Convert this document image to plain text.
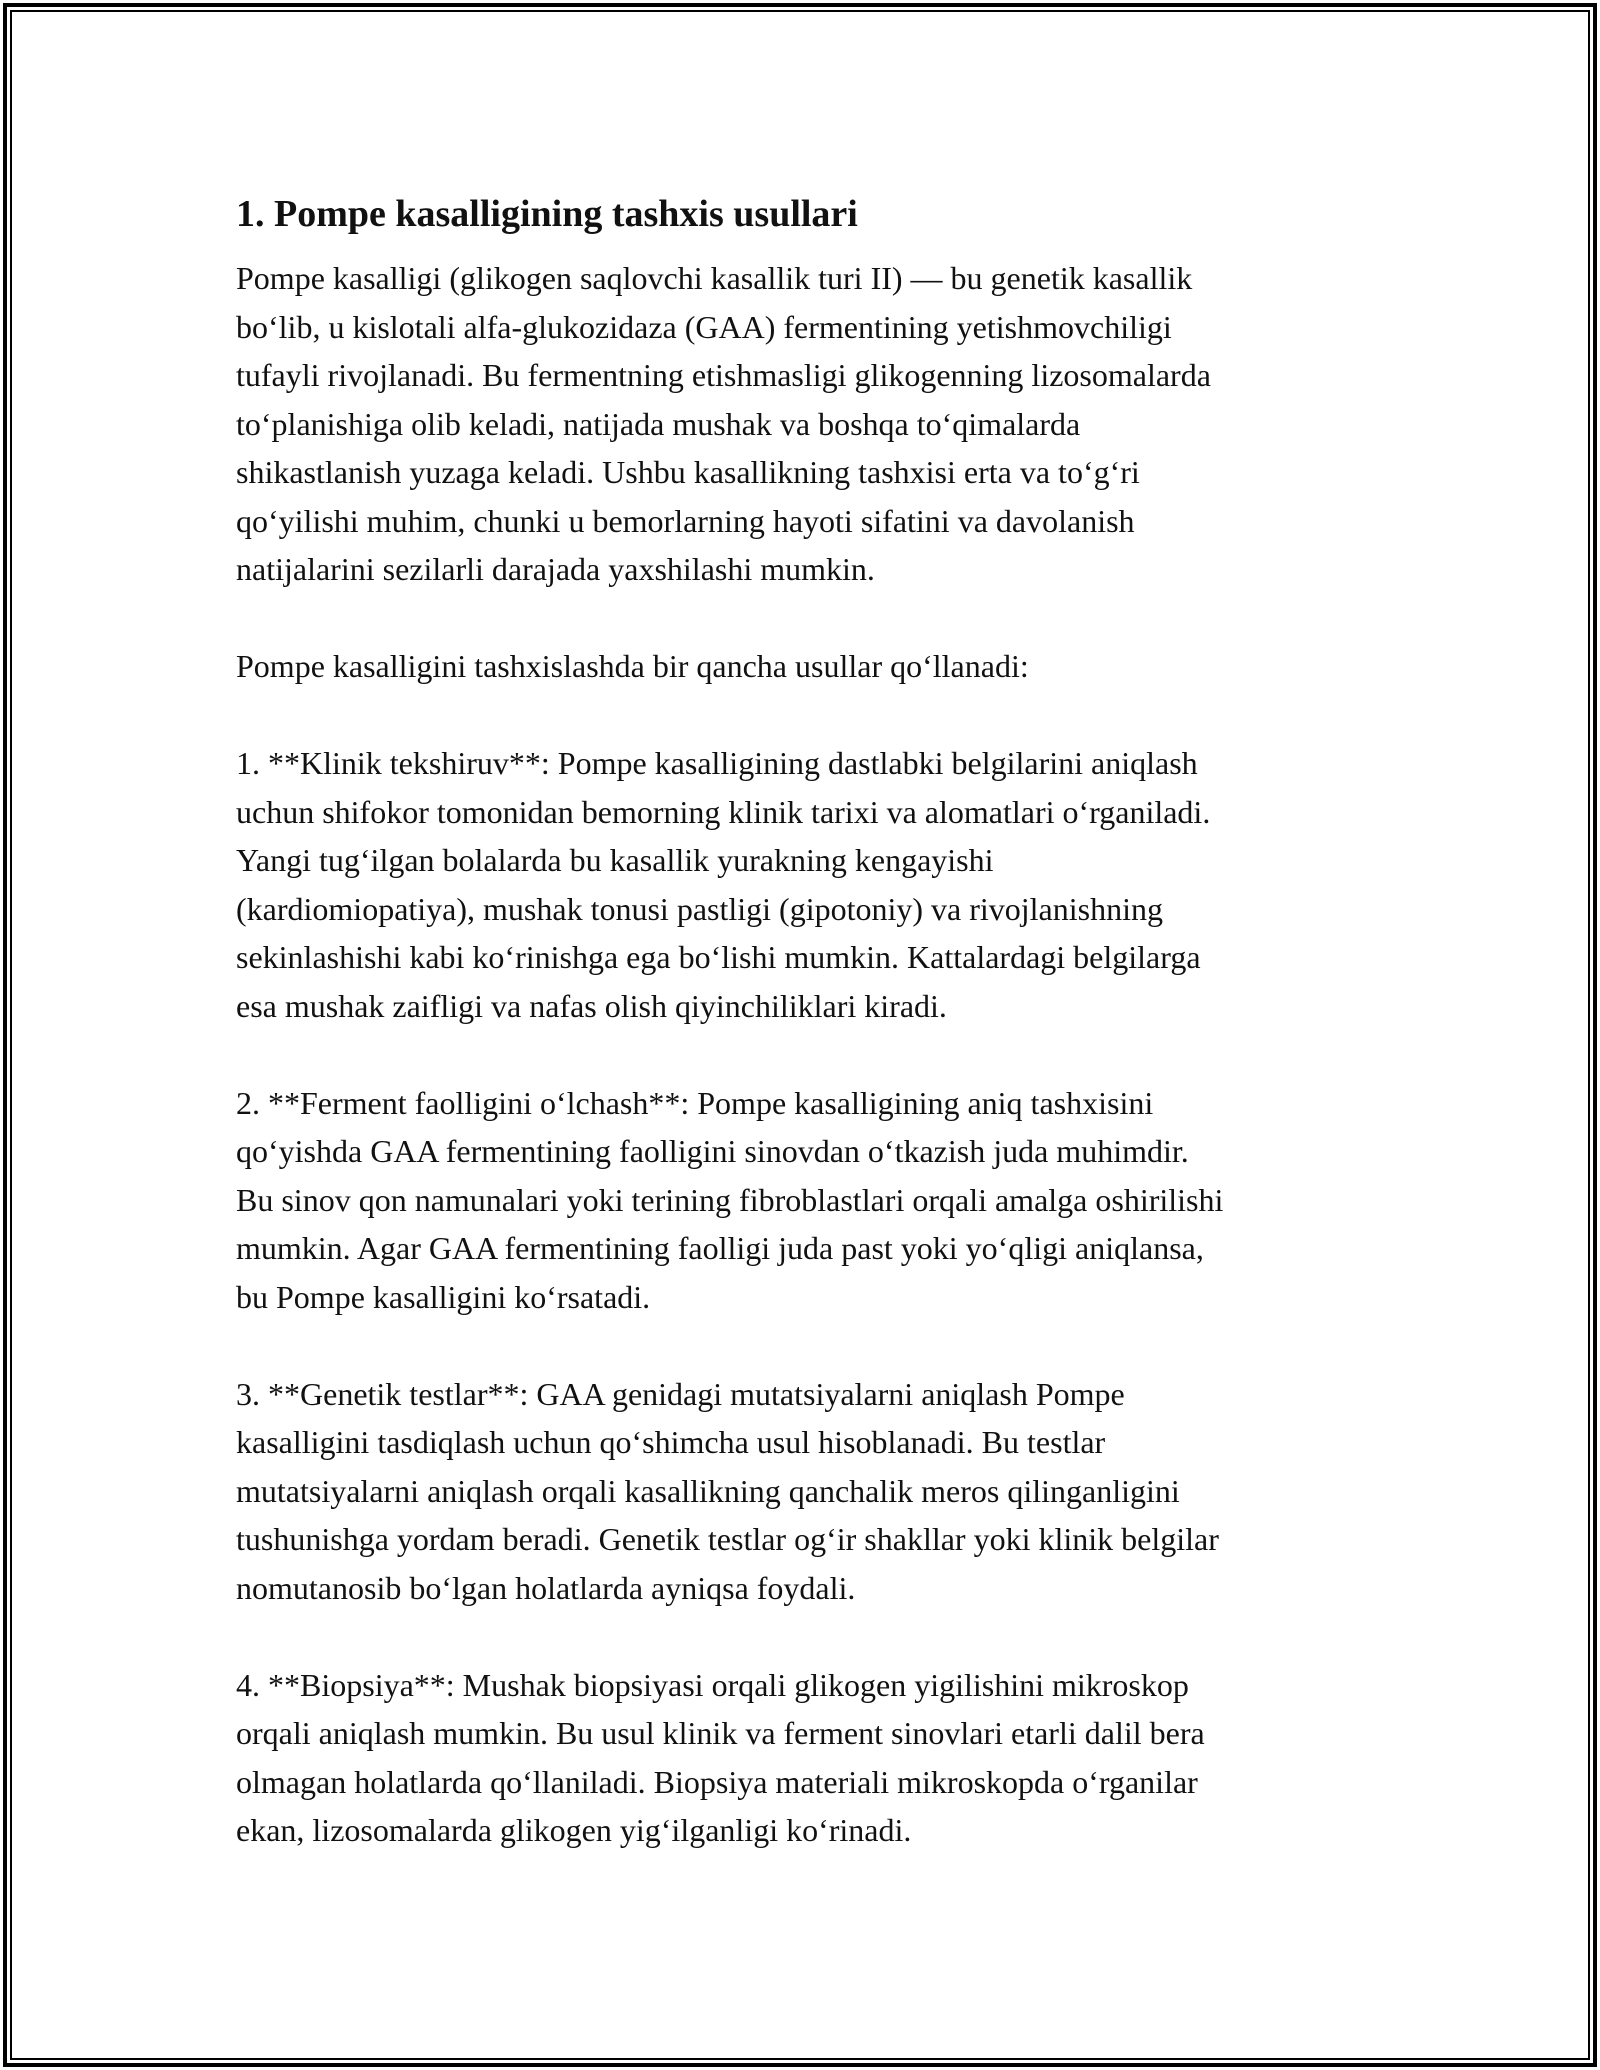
1. Pompe kasalligining tashxis usullari
Pompe kasalligi (glikogen saqlovchi kasallik turi II) — bu genetik kasallik
bo‘lib, u kislotali alfa-glukozidaza (GAA) fermentining yetishmovchiligi
tufayli rivojlanadi. Bu fermentning etishmasligi glikogenning lizosomalarda
to‘planishiga olib keladi, natijada mushak va boshqa to‘qimalarda
shikastlanish yuzaga keladi. Ushbu kasallikning tashxisi erta va to‘g‘ri
qo‘yilishi muhim, chunki u bemorlarning hayoti sifatini va davolanish
natijalarini sezilarli darajada yaxshilashi mumkin.
Pompe kasalligini tashxislashda bir qancha usullar qo‘llanadi:
1. **Klinik tekshiruv**: Pompe kasalligining dastlabki belgilarini aniqlash
uchun shifokor tomonidan bemorning klinik tarixi va alomatlari o‘rganiladi.
Yangi tug‘ilgan bolalarda bu kasallik yurakning kengayishi
(kardiomiopatiya), mushak tonusi pastligi (gipotoniy) va rivojlanishning
sekinlashishi kabi ko‘rinishga ega bo‘lishi mumkin. Kattalardagi belgilarga
esa mushak zaifligi va nafas olish qiyinchiliklari kiradi.
2. **Ferment faolligini o‘lchash**: Pompe kasalligining aniq tashxisini
qo‘yishda GAA fermentining faolligini sinovdan o‘tkazish juda muhimdir.
Bu sinov qon namunalari yoki terining fibroblastlari orqali amalga oshirilishi
mumkin. Agar GAA fermentining faolligi juda past yoki yo‘qligi aniqlansa,
bu Pompe kasalligini ko‘rsatadi.
3. **Genetik testlar**: GAA genidagi mutatsiyalarni aniqlash Pompe
kasalligini tasdiqlash uchun qo‘shimcha usul hisoblanadi. Bu testlar
mutatsiyalarni aniqlash orqali kasallikning qanchalik meros qilinganligini
tushunishga yordam beradi. Genetik testlar og‘ir shakllar yoki klinik belgilar
nomutanosib bo‘lgan holatlarda ayniqsa foydali.
4. **Biopsiya**: Mushak biopsiyasi orqali glikogen yigilishini mikroskop
orqali aniqlash mumkin. Bu usul klinik va ferment sinovlari etarli dalil bera
olmagan holatlarda qo‘llaniladi. Biopsiya materiali mikroskopda o‘rganilar
ekan, lizosomalarda glikogen yig‘ilganligi ko‘rinadi.
